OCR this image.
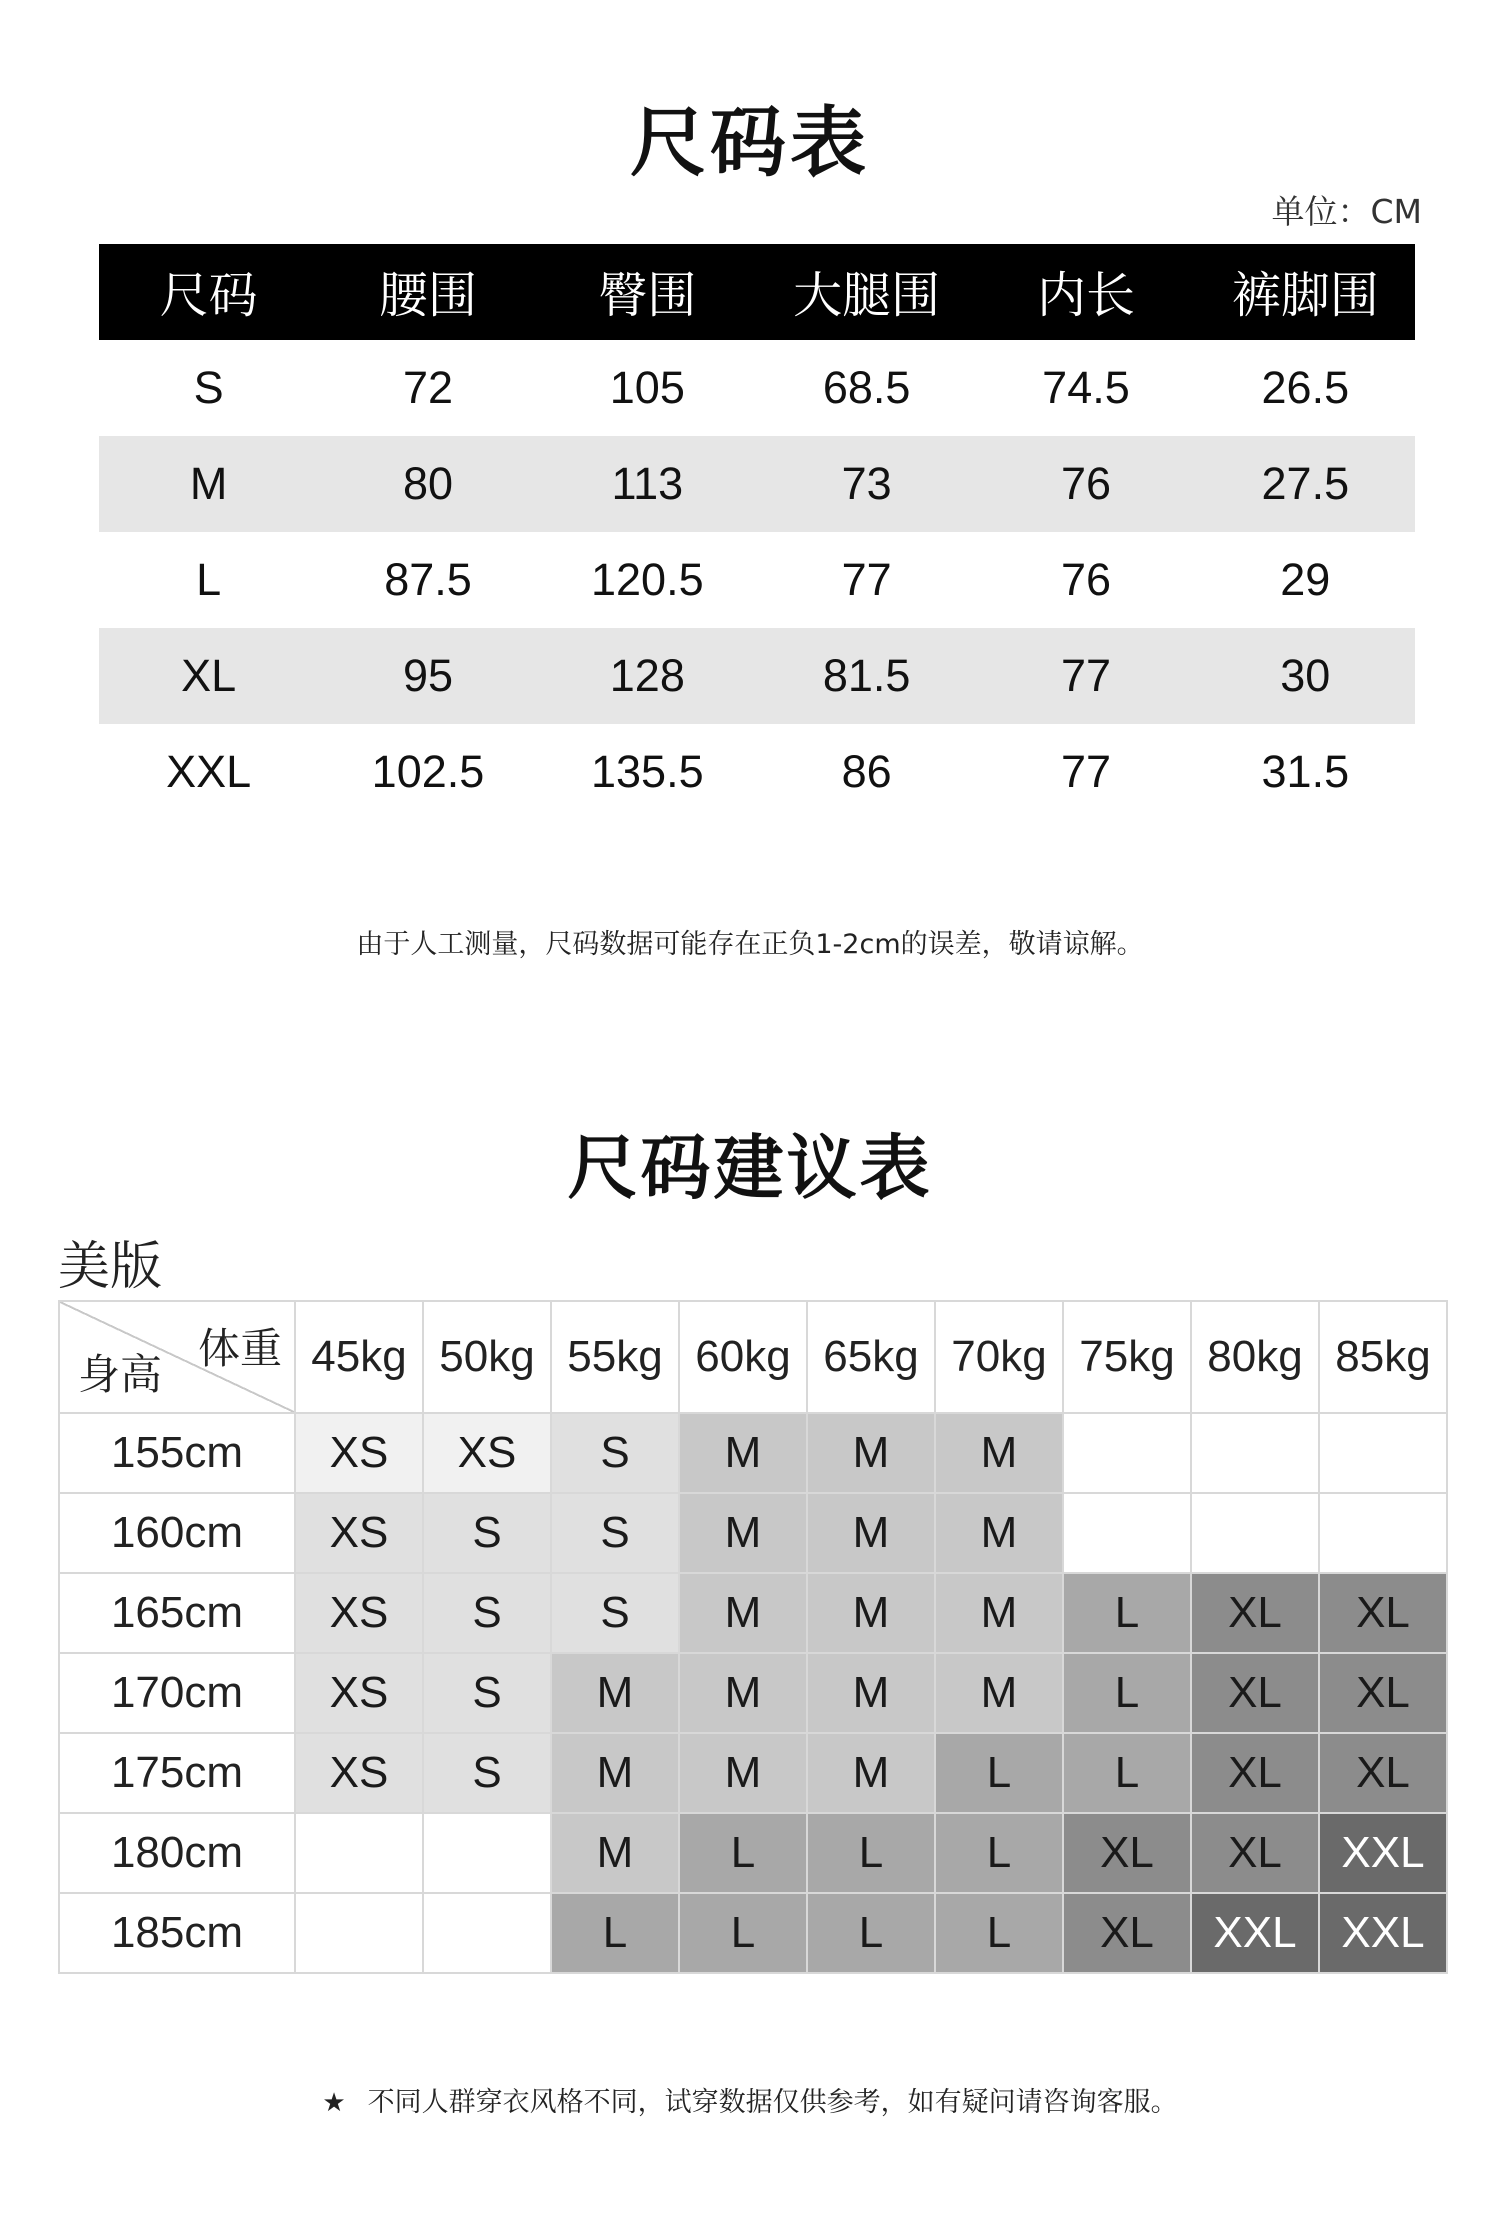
尺码表
单位：CM
尺码	腰围	臀围	大腿围	内长	裤脚围
S	72	105	68.5	74.5	26.5
M	80	113	73	76	27.5
L	87.5	120.5	77	76	29
XL	95	128	81.5	77	30
XXL	102.5	135.5	86	77	31.5
由于人工测量，尺码数据可能存在正负1-2cm的误差，敬请谅解。
尺码建议表
美版
体重
身高	45kg	50kg	55kg	60kg	65kg	70kg	75kg	80kg	85kg
155cm	XS	XS	S	M	M	M			
160cm	XS	S	S	M	M	M			
165cm	XS	S	S	M	M	M	L	XL	XL
170cm	XS	S	M	M	M	M	L	XL	XL
175cm	XS	S	M	M	M	L	L	XL	XL
180cm			M	L	L	L	XL	XL	XXL
185cm			L	L	L	L	XL	XXL	XXL
★ 不同人群穿衣风格不同，试穿数据仅供参考，如有疑问请咨询客服。
